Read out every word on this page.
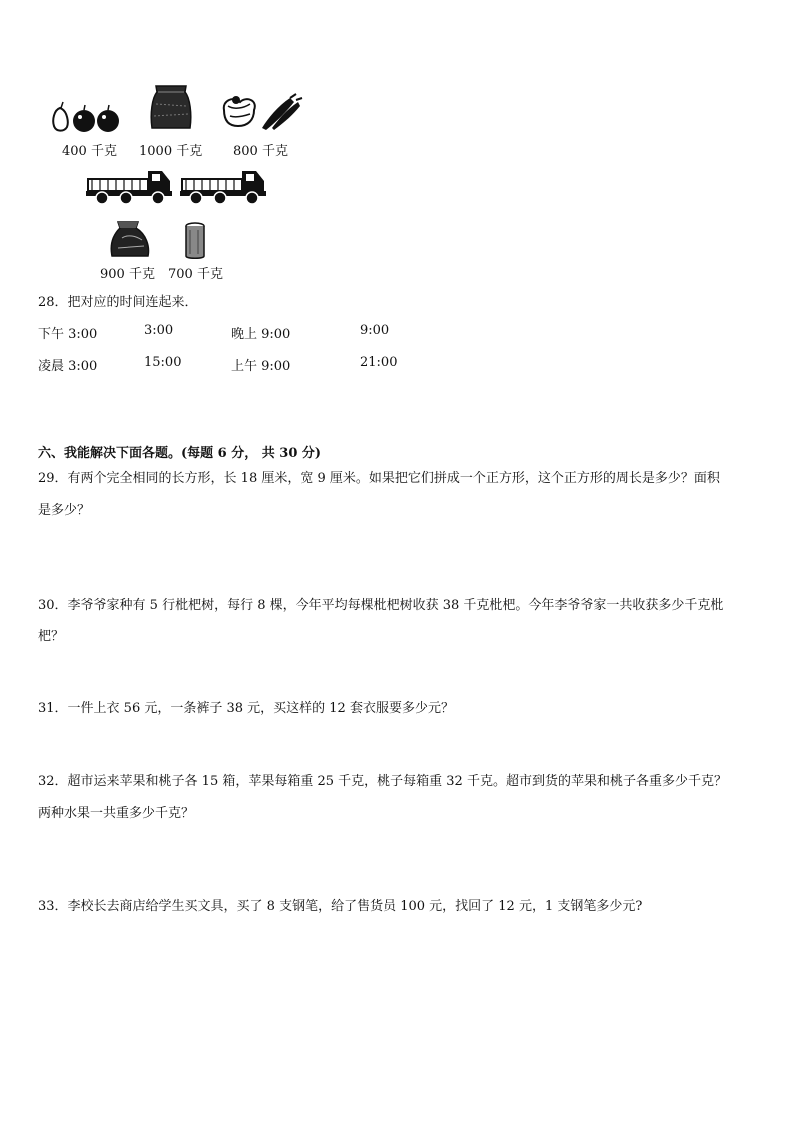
400 千克 1000 千克 800 千克
900 千克 700 千克
28．把对应的时间连起来．
下午 3:00	3:00	晚上 9:00	9:00
凌晨 3:00	15:00	上午 9:00	21:00
六、我能解决下面各题。(每题 6 分， 共 30 分)
29．有两个完全相同的长方形，长 18 厘米，宽 9 厘米。如果把它们拼成一个正方形，这个正方形的周长是多少？面积
是多少？
30．李爷爷家种有 5 行枇杷树，每行 8 棵，今年平均每棵枇杷树收获 38 千克枇杷。今年李爷爷家一共收获多少千克枇
杷？
31．一件上衣 56 元，一条裤子 38 元，买这样的 12 套衣服要多少元？
32．超市运来苹果和桃子各 15 箱，苹果每箱重 25 千克，桃子每箱重 32 千克。超市到货的苹果和桃子各重多少千克？
两种水果一共重多少千克？
33．李校长去商店给学生买文具，买了 8 支钢笔，给了售货员 100 元，找回了 12 元，1 支钢笔多少元?
